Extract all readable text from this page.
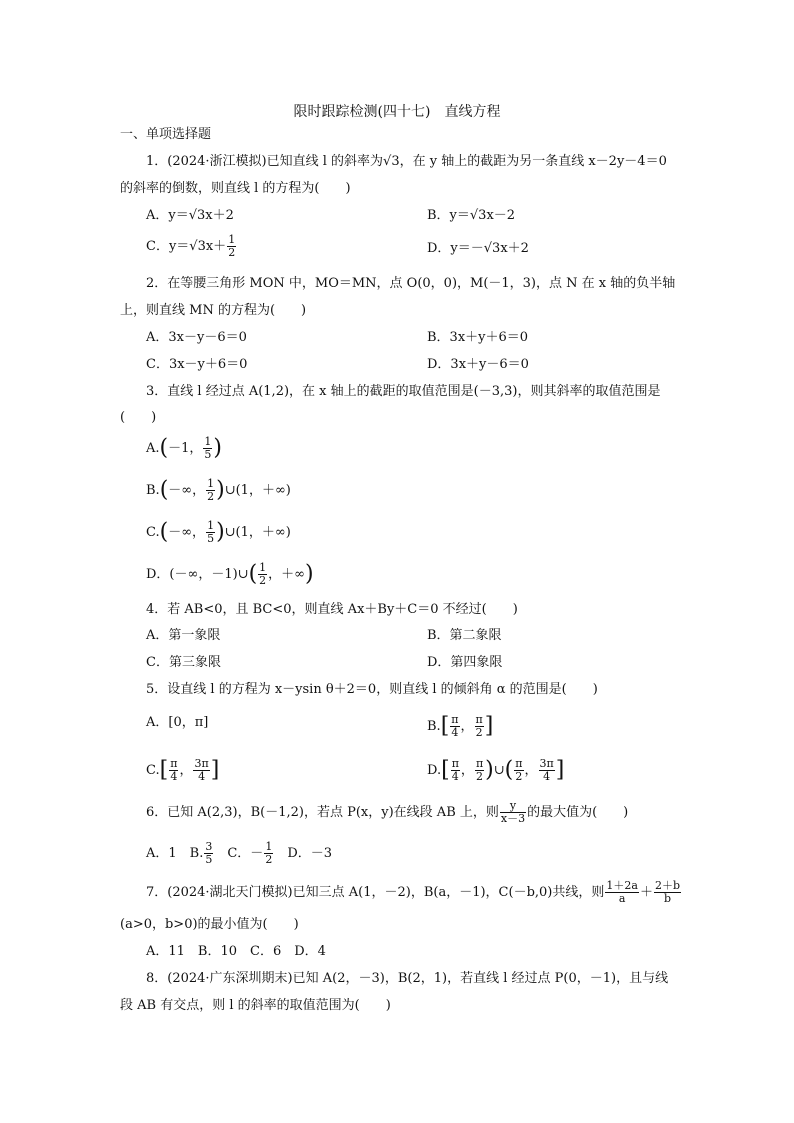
限时跟踪检测(四十七)　直线方程
一、单项选择题
1．(2024·浙江模拟)已知直线 l 的斜率为√3，在 y 轴上的截距为另一条直线 x－2y－4＝0
的斜率的倒数，则直线 l 的方程为(　　)
A．y＝√3x＋2	B．y＝√3x－2
C．$y=√3x+ \frac{1}{2}$	D．y＝－√3x＋2
2．在等腰三角形 MON 中，MO＝MN，点 O(0，0)，M(－1，3)，点 N 在 x 轴的负半轴
上，则直线 MN 的方程为(　　)
A．3x－y－6＝0	B．3x＋y＋6＝0
C．3x－y＋6＝0	D．3x＋y－6＝0
3．直线 l 经过点 A(1,2)，在 x 轴上的截距的取值范围是(－3,3)，则其斜率的取值范围是
(　　)
A.(－1， $\frac{1}{5}$ )
B.(－∞， $\frac{1}{2}$ )∪(1，＋∞)
C.(－∞， $\frac{1}{5}$ )∪(1，＋∞)
D．(－∞，－1)∪( $\frac{1}{2}$ ，＋∞)
4．若 AB<0，且 BC<0，则直线 Ax＋By＋C＝0 不经过(　　)
A．第一象限	B．第二象限
C．第三象限	D．第四象限
5．设直线 l 的方程为 x－ysin θ＋2＝0，则直线 l 的倾斜角 α 的范围是(　　)
A．[0，π]	$B.[ \frac{\pi}{4}$ ， $\frac{\pi}{2}$ ]
$C.[ \frac{\pi}{4}$ ， $\frac{3\pi}{4}$ ]	$D.[ \frac{\pi}{4}$ ， $\frac{\pi}{2}$ )∪( $\frac{\pi}{2}$ ， $\frac{3\pi}{4}$ ]
6．已知 A(2,3)，B(－1,2)，若点 P(x，y)在线段 AB 上，则 $\frac{y}{x-3}$ 的最大值为(　　)
A．1　B. $\frac{3}{5}$ 　C．－ $\frac{1}{2}$ 　D．－3
7．(2024·湖北天门模拟)已知三点 A(1，－2)，B(a，－1)，C(－b,0)共线，则 $\frac{1+2a}{a} + \frac{2+b}{b}$
(a>0，b>0)的最小值为(　　)
A．11　B．10　C．6　D．4
8．(2024·广东深圳期末)已知 A(2，－3)，B(2，1)，若直线 l 经过点 P(0，－1)，且与线
段 AB 有交点，则 l 的斜率的取值范围为(　　)
